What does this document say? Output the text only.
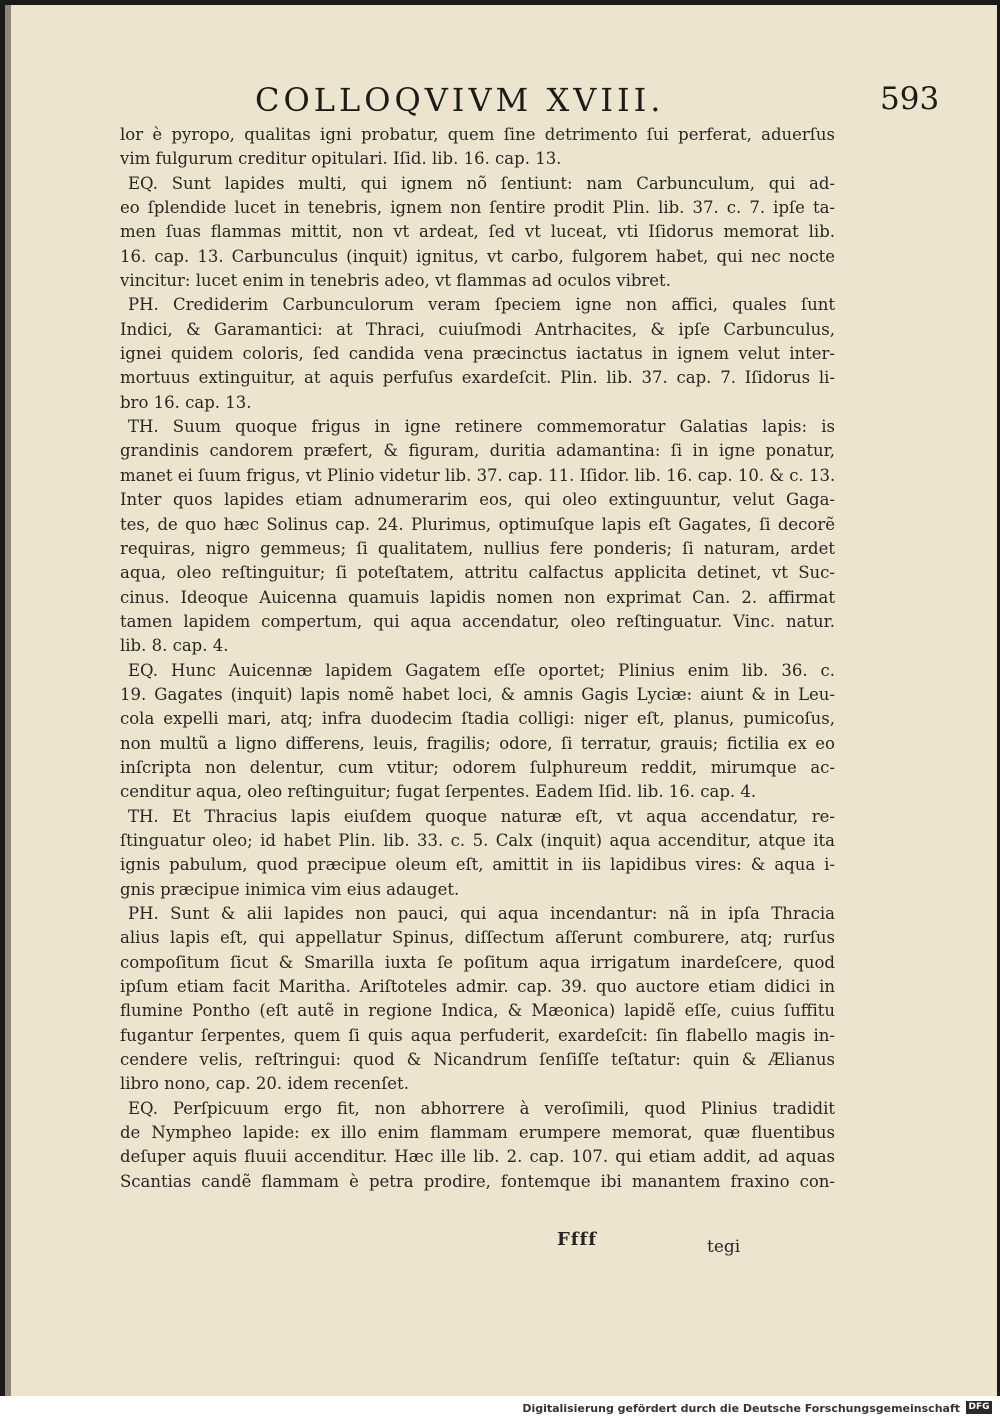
COLLOQVIVM XVIII.	593
lor è pyropo, qualitas igni probatur, quem ſine detrimento ſui perferat, aduerſus
vim fulgurum creditur opitulari. Iſid. lib. 16. cap. 13.
EQ. Sunt lapides multi, qui ignem nõ ſentiunt: nam Carbunculum, qui ad-
eo ſplendide lucet in tenebris, ignem non ſentire prodit Plin. lib. 37. c. 7. ipſe ta-
men ſuas flammas mittit, non vt ardeat, ſed vt luceat, vti Iſidorus memorat lib.
16. cap. 13. Carbunculus (inquit) ignitus, vt carbo, fulgorem habet, qui nec nocte
vincitur: lucet enim in tenebris adeo, vt flammas ad oculos vibret.
PH. Crediderim Carbunculorum veram ſpeciem igne non affici, quales ſunt
Indici, & Garamantici: at Thraci, cuiuſmodi Antrhacites, & ipſe Carbunculus,
ignei quidem coloris, ſed candida vena præcinctus iactatus in ignem velut inter-
mortuus extinguitur, at aquis perfuſus exardeſcit. Plin. lib. 37. cap. 7. Iſidorus li-
bro 16. cap. 13.
TH. Suum quoque frigus in igne retinere commemoratur Galatias lapis: is
grandinis candorem præfert, & figuram, duritia adamantina: ſi in igne ponatur,
manet ei ſuum frigus, vt Plinio videtur lib. 37. cap. 11. Iſidor. lib. 16. cap. 10. & c. 13.
Inter quos lapides etiam adnumerarim eos, qui oleo extinguuntur, velut Gaga-
tes, de quo hæc Solinus cap. 24. Plurimus, optimuſque lapis eſt Gagates, ſi decorẽ
requiras, nigro gemmeus; ſi qualitatem, nullius fere ponderis; ſi naturam, ardet
aqua, oleo reſtinguitur; ſi poteſtatem, attritu calfactus applicita detinet, vt Suc-
cinus. Ideoque Auicenna quamuis lapidis nomen non exprimat Can. 2. affirmat
tamen lapidem compertum, qui aqua accendatur, oleo reſtinguatur. Vinc. natur.
lib. 8. cap. 4.
EQ. Hunc Auicennæ lapidem Gagatem eſſe oportet; Plinius enim lib. 36. c.
19. Gagates (inquit) lapis nomẽ habet loci, & amnis Gagis Lyciæ: aiunt & in Leu-
cola expelli mari, atq; infra duodecim ſtadia colligi: niger eſt, planus, pumicoſus,
non multũ a ligno differens, leuis, fragilis; odore, ſi terratur, grauis; fictilia ex eo
inſcripta non delentur, cum vtitur; odorem ſulphureum reddit, mirumque ac-
cenditur aqua, oleo reſtinguitur; fugat ſerpentes. Eadem Iſid. lib. 16. cap. 4.
TH. Et Thracius lapis eiuſdem quoque naturæ eſt, vt aqua accendatur, re-
ſtinguatur oleo; id habet Plin. lib. 33. c. 5. Calx (inquit) aqua accenditur, atque ita
ignis pabulum, quod præcipue oleum eſt, amittit in iis lapidibus vires: & aqua i-
gnis præcipue inimica vim eius adauget.
PH. Sunt & alii lapides non pauci, qui aqua incendantur: nã in ipſa Thracia
alius lapis eſt, qui appellatur Spinus, diſſectum aſſerunt comburere, atq; rurſus
compoſitum ſicut & Smarilla iuxta ſe poſitum aqua irrigatum inardeſcere, quod
ipſum etiam facit Maritha. Ariſtoteles admir. cap. 39. quo auctore etiam didici in
flumine Pontho (eſt autẽ in regione Indica, & Mæonica) lapidẽ eſſe, cuius ſuffitu
fugantur ſerpentes, quem ſi quis aqua perfuderit, exardeſcit: ſin flabello magis in-
cendere velis, reſtringui: quod & Nicandrum ſenſiſſe teſtatur: quin & Ælianus
libro nono, cap. 20. idem recenſet.
EQ. Perſpicuum ergo fit, non abhorrere à veroſimili, quod Plinius tradidit
de Nympheo lapide: ex illo enim flammam erumpere memorat, quæ fluentibus
deſuper aquis fluuii accenditur. Hæc ille lib. 2. cap. 107. qui etiam addit, ad aquas
Scantias candẽ flammam è petra prodire, fontemque ibi manantem fraxino con-
Ffff	tegi
Digitalisierung gefördert durch die Deutsche Forschungsgemeinschaft DFG
